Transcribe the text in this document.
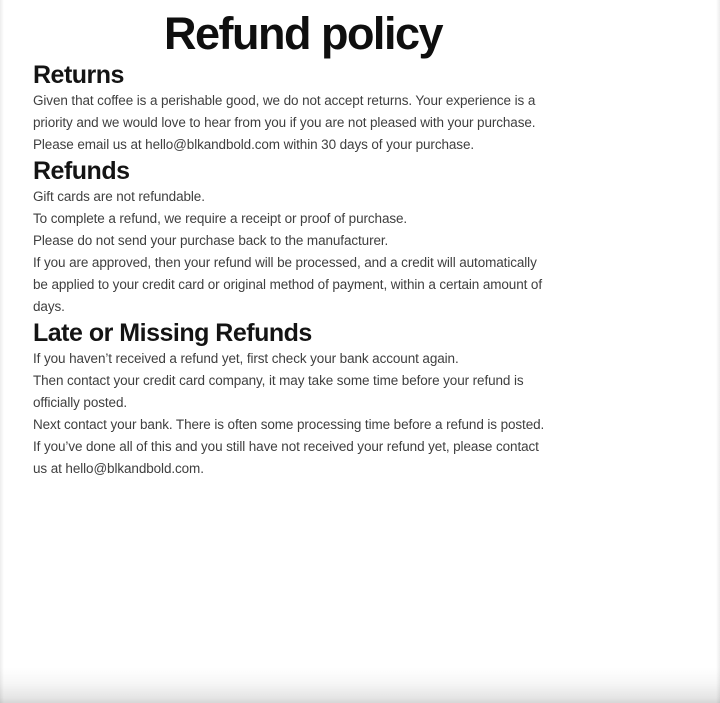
Refund policy
Returns

Given that coffee is a perishable good, we do not accept returns. Your experience is a
priority and we would love to hear from you if you are not pleased with your purchase.
Please email us at hello@blkandbold.com within 30 days of your purchase.

Refunds

Gift cards are not refundable.

To complete a refund, we require a receipt or proof of purchase.

Please do not send your purchase back to the manufacturer.

If you are approved, then your refund will be processed, and a credit will automatically
be applied to your credit card or original method of payment, within a certain amount of
days.

Late or Missing Refunds

If you haven’t received a refund yet, first check your bank account again.
Then contact your credit card company, it may take some time before your refund is
officially posted.
Next contact your bank. There is often some processing time before a refund is posted.
If you’ve done all of this and you still have not received your refund yet, please contact
us at hello@blkandbold.com.
